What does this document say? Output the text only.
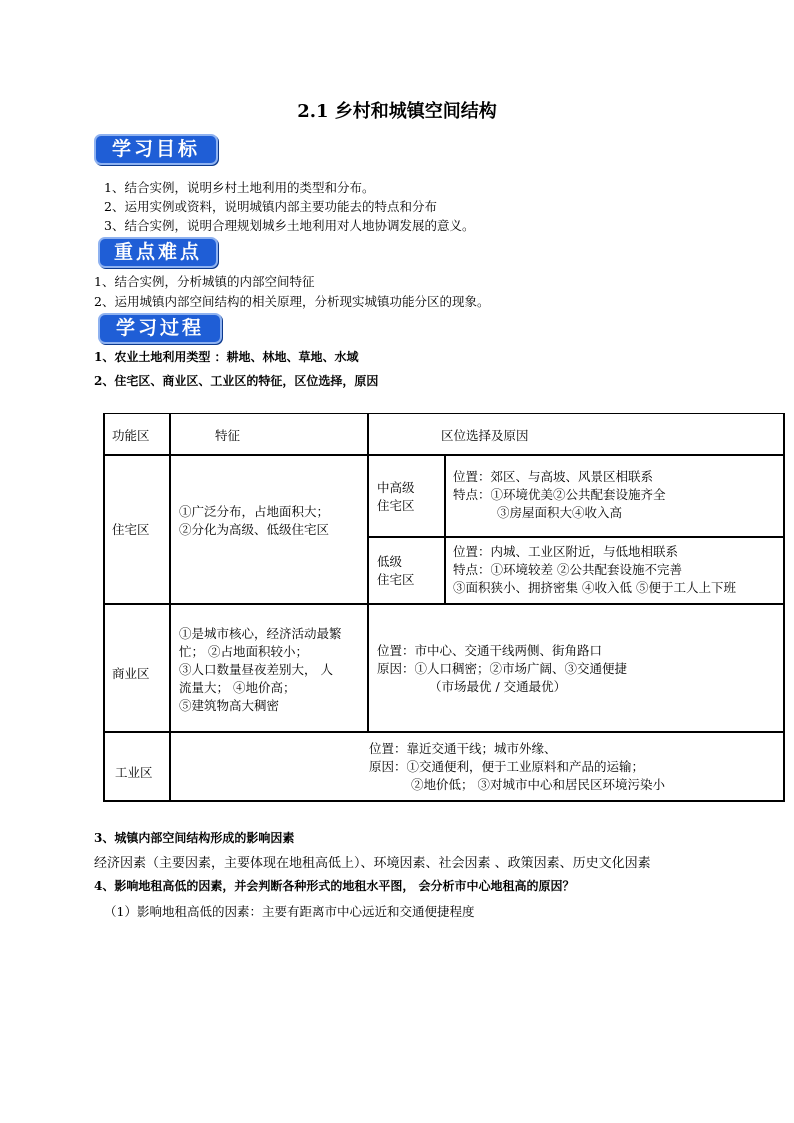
2.1 乡村和城镇空间结构
学习目标
1、结合实例，说明乡村土地利用的类型和分布。
2、运用实例或资料，说明城镇内部主要功能去的特点和分布
3、结合实例，说明合理规划城乡土地利用对人地协调发展的意义。
重点难点
1、结合实例，分析城镇的内部空间特征
2、运用城镇内部空间结构的相关原理，分析现实城镇功能分区的现象。
学习过程
1、农业土地利用类型 ：耕地、林地、草地、水域
2、住宅区、商业区、工业区的特征，区位选择，原因
功能区	特征	区位选择及原因
住宅区
①广泛分布，占地面积大；
②分化为高级、低级住宅区
中高级
住宅区
位置：郊区、与高坡、风景区相联系
特点：①环境优美②公共配套设施齐全
③房屋面积大④收入高
低级
住宅区
位置：内城、工业区附近，与低地相联系
特点：①环境较差 ②公共配套设施不完善
③面积狭小、拥挤密集 ④收入低 ⑤便于工人上下班
商业区
①是城市核心，经济活动最繁
忙； ②占地面积较小；
③人口数量昼夜差别大， 人
流量大； ④地价高；
⑤建筑物高大稠密
位置：市中心、交通干线两侧、街角路口
原因：①人口稠密；②市场广阔、③交通便捷
（市场最优 / 交通最优）
工业区
位置：靠近交通干线；城市外缘、
原因：①交通便利，便于工业原料和产品的运输；
②地价低； ③对城市中心和居民区环境污染小
3、城镇内部空间结构形成的影响因素
经济因素（主要因素，主要体现在地租高低上）、环境因素、社会因素 、政策因素、历史文化因素
4、影响地租高低的因素，并会判断各种形式的地租水平图， 会分析市中心地租高的原因？
（1）影响地租高低的因素：主要有距离市中心远近和交通便捷程度
